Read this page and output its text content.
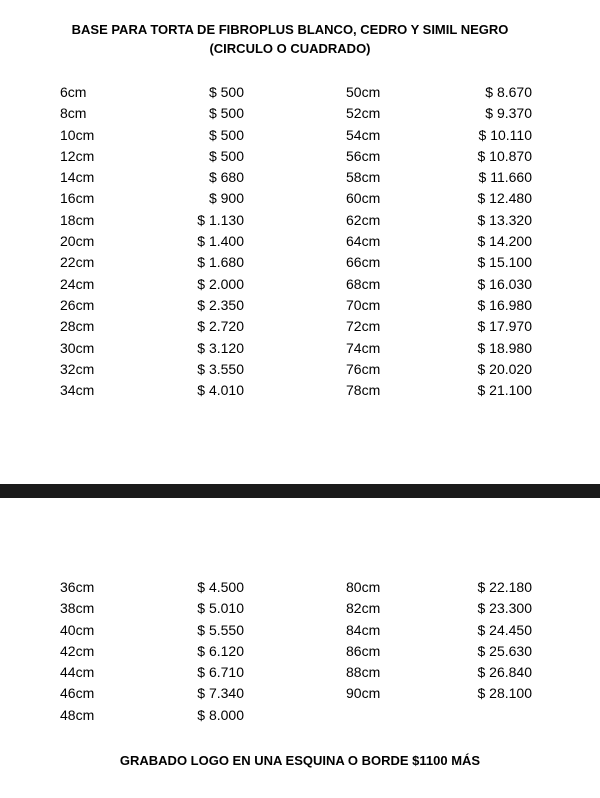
BASE PARA TORTA DE FIBROPLUS BLANCO, CEDRO Y SIMIL NEGRO
(CIRCULO O CUADRADO)
6cm	$ 500
8cm	$ 500
10cm	$ 500
12cm	$ 500
14cm	$ 680
16cm	$ 900
18cm	$ 1.130
20cm	$ 1.400
22cm	$ 1.680
24cm	$ 2.000
26cm	$ 2.350
28cm	$ 2.720
30cm	$ 3.120
32cm	$ 3.550
34cm	$ 4.010
50cm	$ 8.670
52cm	$ 9.370
54cm	$ 10.110
56cm	$ 10.870
58cm	$ 11.660
60cm	$ 12.480
62cm	$ 13.320
64cm	$ 14.200
66cm	$ 15.100
68cm	$ 16.030
70cm	$ 16.980
72cm	$ 17.970
74cm	$ 18.980
76cm	$ 20.020
78cm	$ 21.100
36cm	$ 4.500
38cm	$ 5.010
40cm	$ 5.550
42cm	$ 6.120
44cm	$ 6.710
46cm	$ 7.340
48cm	$ 8.000
80cm	$ 22.180
82cm	$ 23.300
84cm	$ 24.450
86cm	$ 25.630
88cm	$ 26.840
90cm	$ 28.100
GRABADO LOGO EN UNA ESQUINA O BORDE $1100 MÁS
